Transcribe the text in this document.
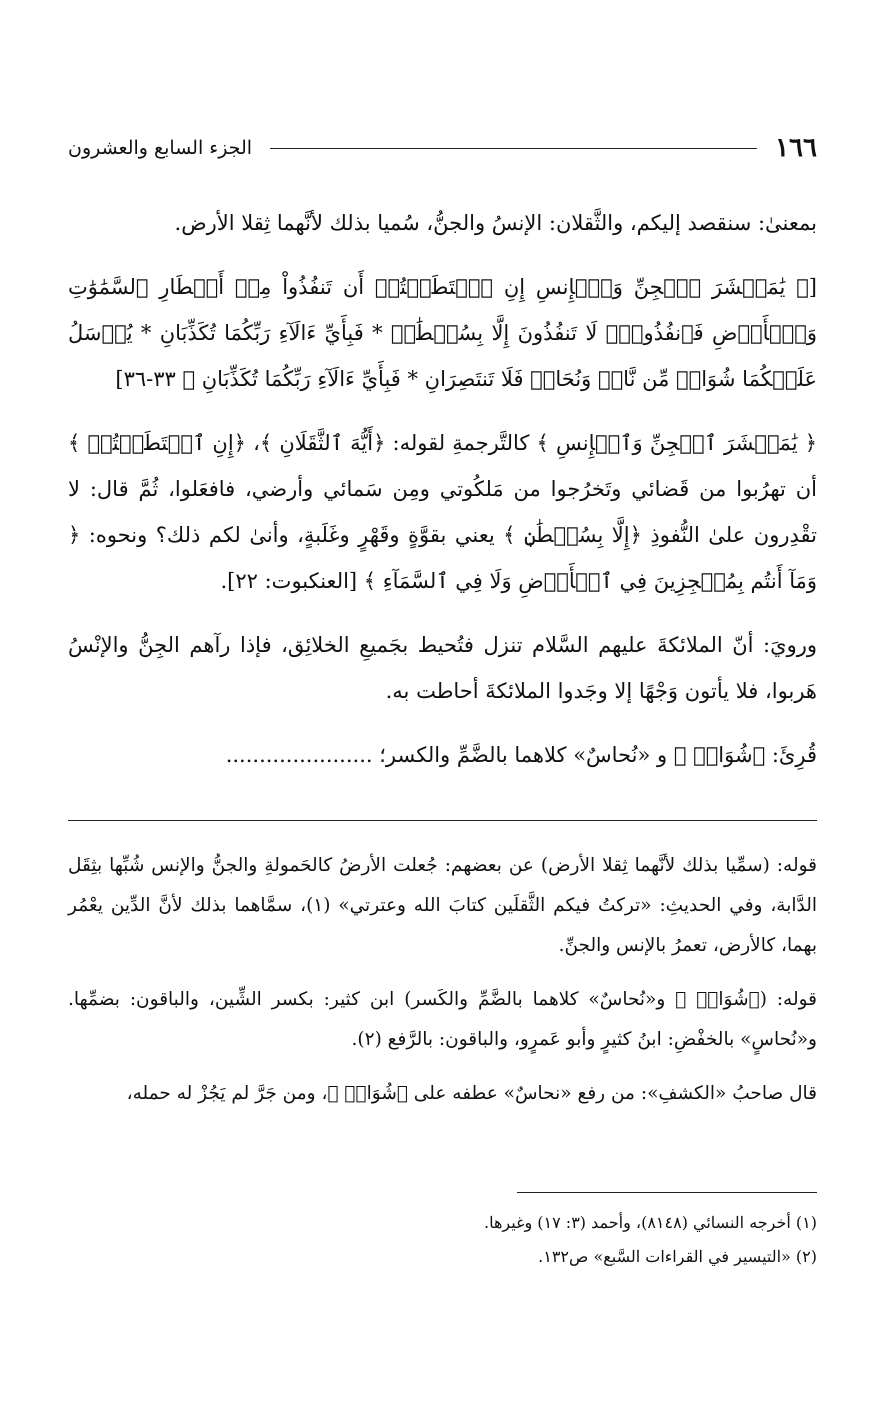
١٦٦
الجزء السابع والعشرون

بمعنىٰ: سنقصد إليكم، والثَّقلان: الإنسُ والجنُّ، سُميا بذلك لأنَّهما ثِقلا الأرض.

[﴿ يَٰمَعۡشَرَ ٱلۡجِنِّ وَٱلۡإِنسِ إِنِ ٱسۡتَطَعۡتُمۡ أَن تَنفُذُواْ مِنۡ أَقۡطَارِ ٱلسَّمَٰوَٰتِ وَٱلۡأَرۡضِ فَٱنفُذُواْۚ لَا تَنفُذُونَ إِلَّا بِسُلۡطَٰنٖ * فَبِأَيِّ ءَالَآءِ رَبِّكُمَا تُكَذِّبَانِ * يُرۡسَلُ عَلَيۡكُمَا شُوَاظٞ مِّن نَّارٖ وَنُحَاسٞ فَلَا تَنتَصِرَانِ * فَبِأَيِّ ءَالَآءِ رَبِّكُمَا تُكَذِّبَانِ ﴾ ٣٣-٣٦]

﴿ يَٰمَعۡشَرَ ٱلۡجِنِّ وَٱلۡإِنسِ ﴾ كالتَّرجمةِ لقوله: ﴿أَيُّهَ ٱلثَّقَلَانِ ﴾، ﴿إِنِ ٱسۡتَطَعۡتُمۡ ﴾ أن تهرُبوا من قَضائي وتَخرُجوا من مَلكُوتي ومِن سَمائي وأرضي، فافعَلوا، ثُمَّ قال: لا تقْدِرون علىٰ النُّفوذِ ﴿إِلَّا بِسُلۡطَٰنٖ ﴾ يعني بقوَّةٍ وقَهْرٍ وغَلَبةٍ، وأنىٰ لكم ذلك؟ ونحوه: ﴿ وَمَآ أَنتُم بِمُعۡجِزِينَ فِي ٱلۡأَرۡضِ وَلَا فِي ٱلسَّمَآءِ ﴾ [العنكبوت: ٢٢].

ورويَ: أنّ الملائكةَ عليهم السَّلام تنزل فتُحيط بجَميعِ الخلائِق، فإذا رآهم الجِنُّ والإنْسُ هَربوا، فلا يأتون وَجْهًا إلا وجَدوا الملائكةَ أحاطت به.

قُرِئَ: ﴿شُوَاظٞ ﴾ و «نُحاسٌ» كلاهما بالضَّمِّ والكسر؛ ......................

قوله: (سمِّيا بذلك لأنَّهما ثِقلا الأرض) عن بعضهم: جُعلت الأرضُ كالحَمولةِ والجنُّ والإنس شُبِّها بثِقَل الدَّابة، وفي الحديثِ: «تركتُ فيكم الثَّقلَين كتابَ الله وعترتي» (١)، سمَّاهما بذلك لأنَّ الدِّين يعْمُر بهما، كالأرض، تعمرُ بالإنس والجنِّ.

قوله: (﴿شُوَاظٞ ﴾ و«نُحاسٌ» كلاهما بالضَّمِّ والكَسر) ابن كثير: بكسر الشِّين، والباقون: بضمِّها. و«نُحاسٍ» بالخفْضِ: ابنُ كثيرٍ وأبو عَمرٍو، والباقون: بالرَّفع (٢).

قال صاحبُ «الكشفِ»: من رفع «نحاسٌ» عطفه على ﴿شُوَاظٞ ﴾، ومن جَرَّ لم يَجُزْ له حمله،

(١) أخرجه النسائي (٨١٤٨)، وأحمد (٣: ١٧) وغيرها.

(٢) «التيسير في القراءات السَّبع» ص١٣٢.
